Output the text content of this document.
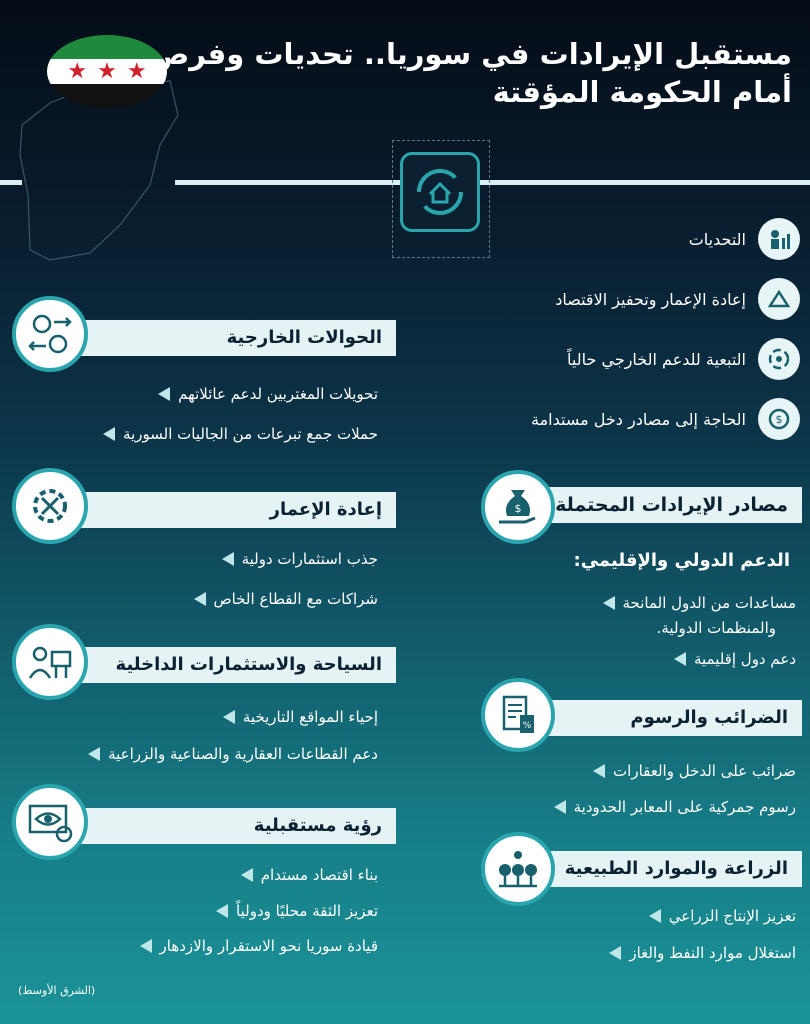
★ ★ ★ مستقبل الإيرادات في سوريا.. تحديات وفرص
أمام الحكومة المؤقتة
التحديات
إعادة الإعمار وتحفيز الاقتصاد
التبعية للدعم الخارجي حالياً
الحاجة إلى مصادر دخل مستدامة	$
الحوالات الخارجية
تحويلات المغتربين لدعم عائلاتهم
حملات جمع تبرعات من الجاليات السورية
إعادة الإعمار
جذب استثمارات دولية
شراكات مع القطاع الخاص
السياحة والاستثمارات الداخلية
إحياء المواقع التاريخية
دعم القطاعات العقارية والصناعية والزراعية
رؤية مستقبلية
بناء اقتصاد مستدام
تعزيز الثقة محليًا ودولياً
قيادة سوريا نحو الاستقرار والازدهار
مصادر الإيرادات المحتملة
$
الدعم الدولي والإقليمي:
مساعدات من الدول المانحة
والمنظمات الدولية.
دعم دول إقليمية
الضرائب والرسوم
%
ضرائب على الدخل والعقارات
رسوم جمركية على المعابر الحدودية
الزراعة والموارد الطبيعية
تعزيز الإنتاج الزراعي
استغلال موارد النفط والغاز
(الشرق الأوسط)
